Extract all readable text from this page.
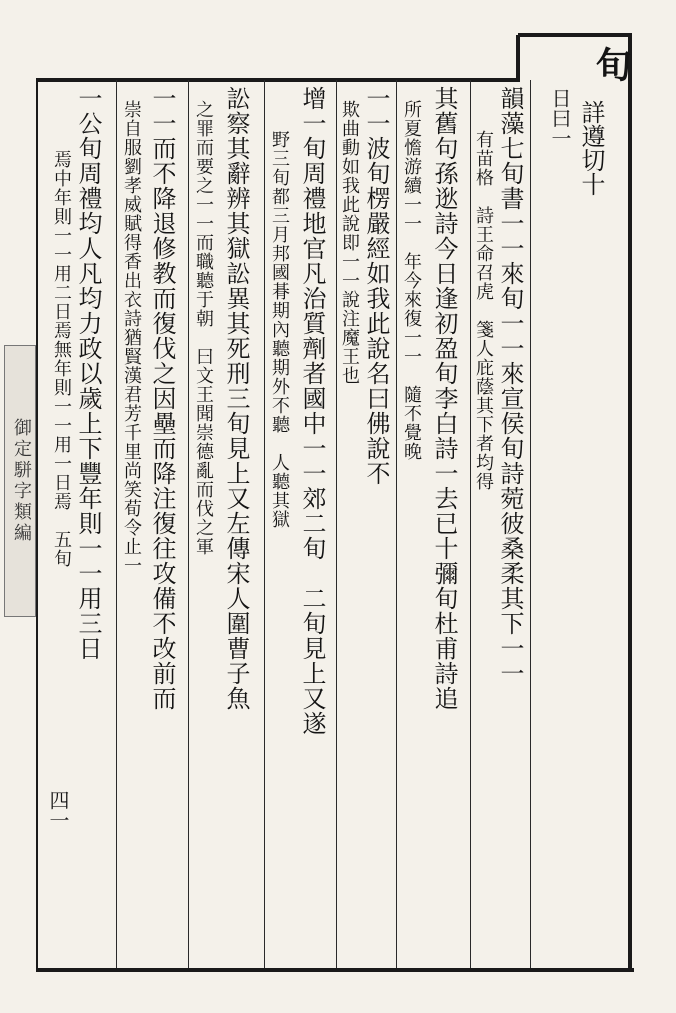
旬
詳遵切十
日曰一
韻藻七旬書一一來旬一一來宣侯旬詩菀彼桑柔其下一一
有苗格　詩王命召虎　箋人庇蔭其下者均得
其舊句孫逖詩今日逢初盈旬李白詩一去已十彌旬杜甫詩追
所夏憺游續一一　年今來復一一　隨不覺晚
一一波旬楞嚴經如我此說名曰佛說不
欺曲動如我此說即一一說注魔王也
增一旬周禮地官凡治質劑者國中一一郊二旬　二旬見上又遂
野三旬都三月邦國朞期內聽期外不聽　人聽其獄
訟察其辭辨其獄訟異其死刑三旬見上又左傳宋人圍曹子魚
之罪而要之一一而職聽于朝　曰文王聞崇德亂而伐之軍
一一而不降退修教而復伐之因壘而降注復往攻備不改前而
崇自服劉孝威賦得香出衣詩猶賢漢君芳千里尚笑荀令止一
一公旬周禮均人凡均力政以歲上下豐年則一一用三日
焉中年則一一用二日焉無年則一一用一日焉　五旬
四一
御定駢字類編
